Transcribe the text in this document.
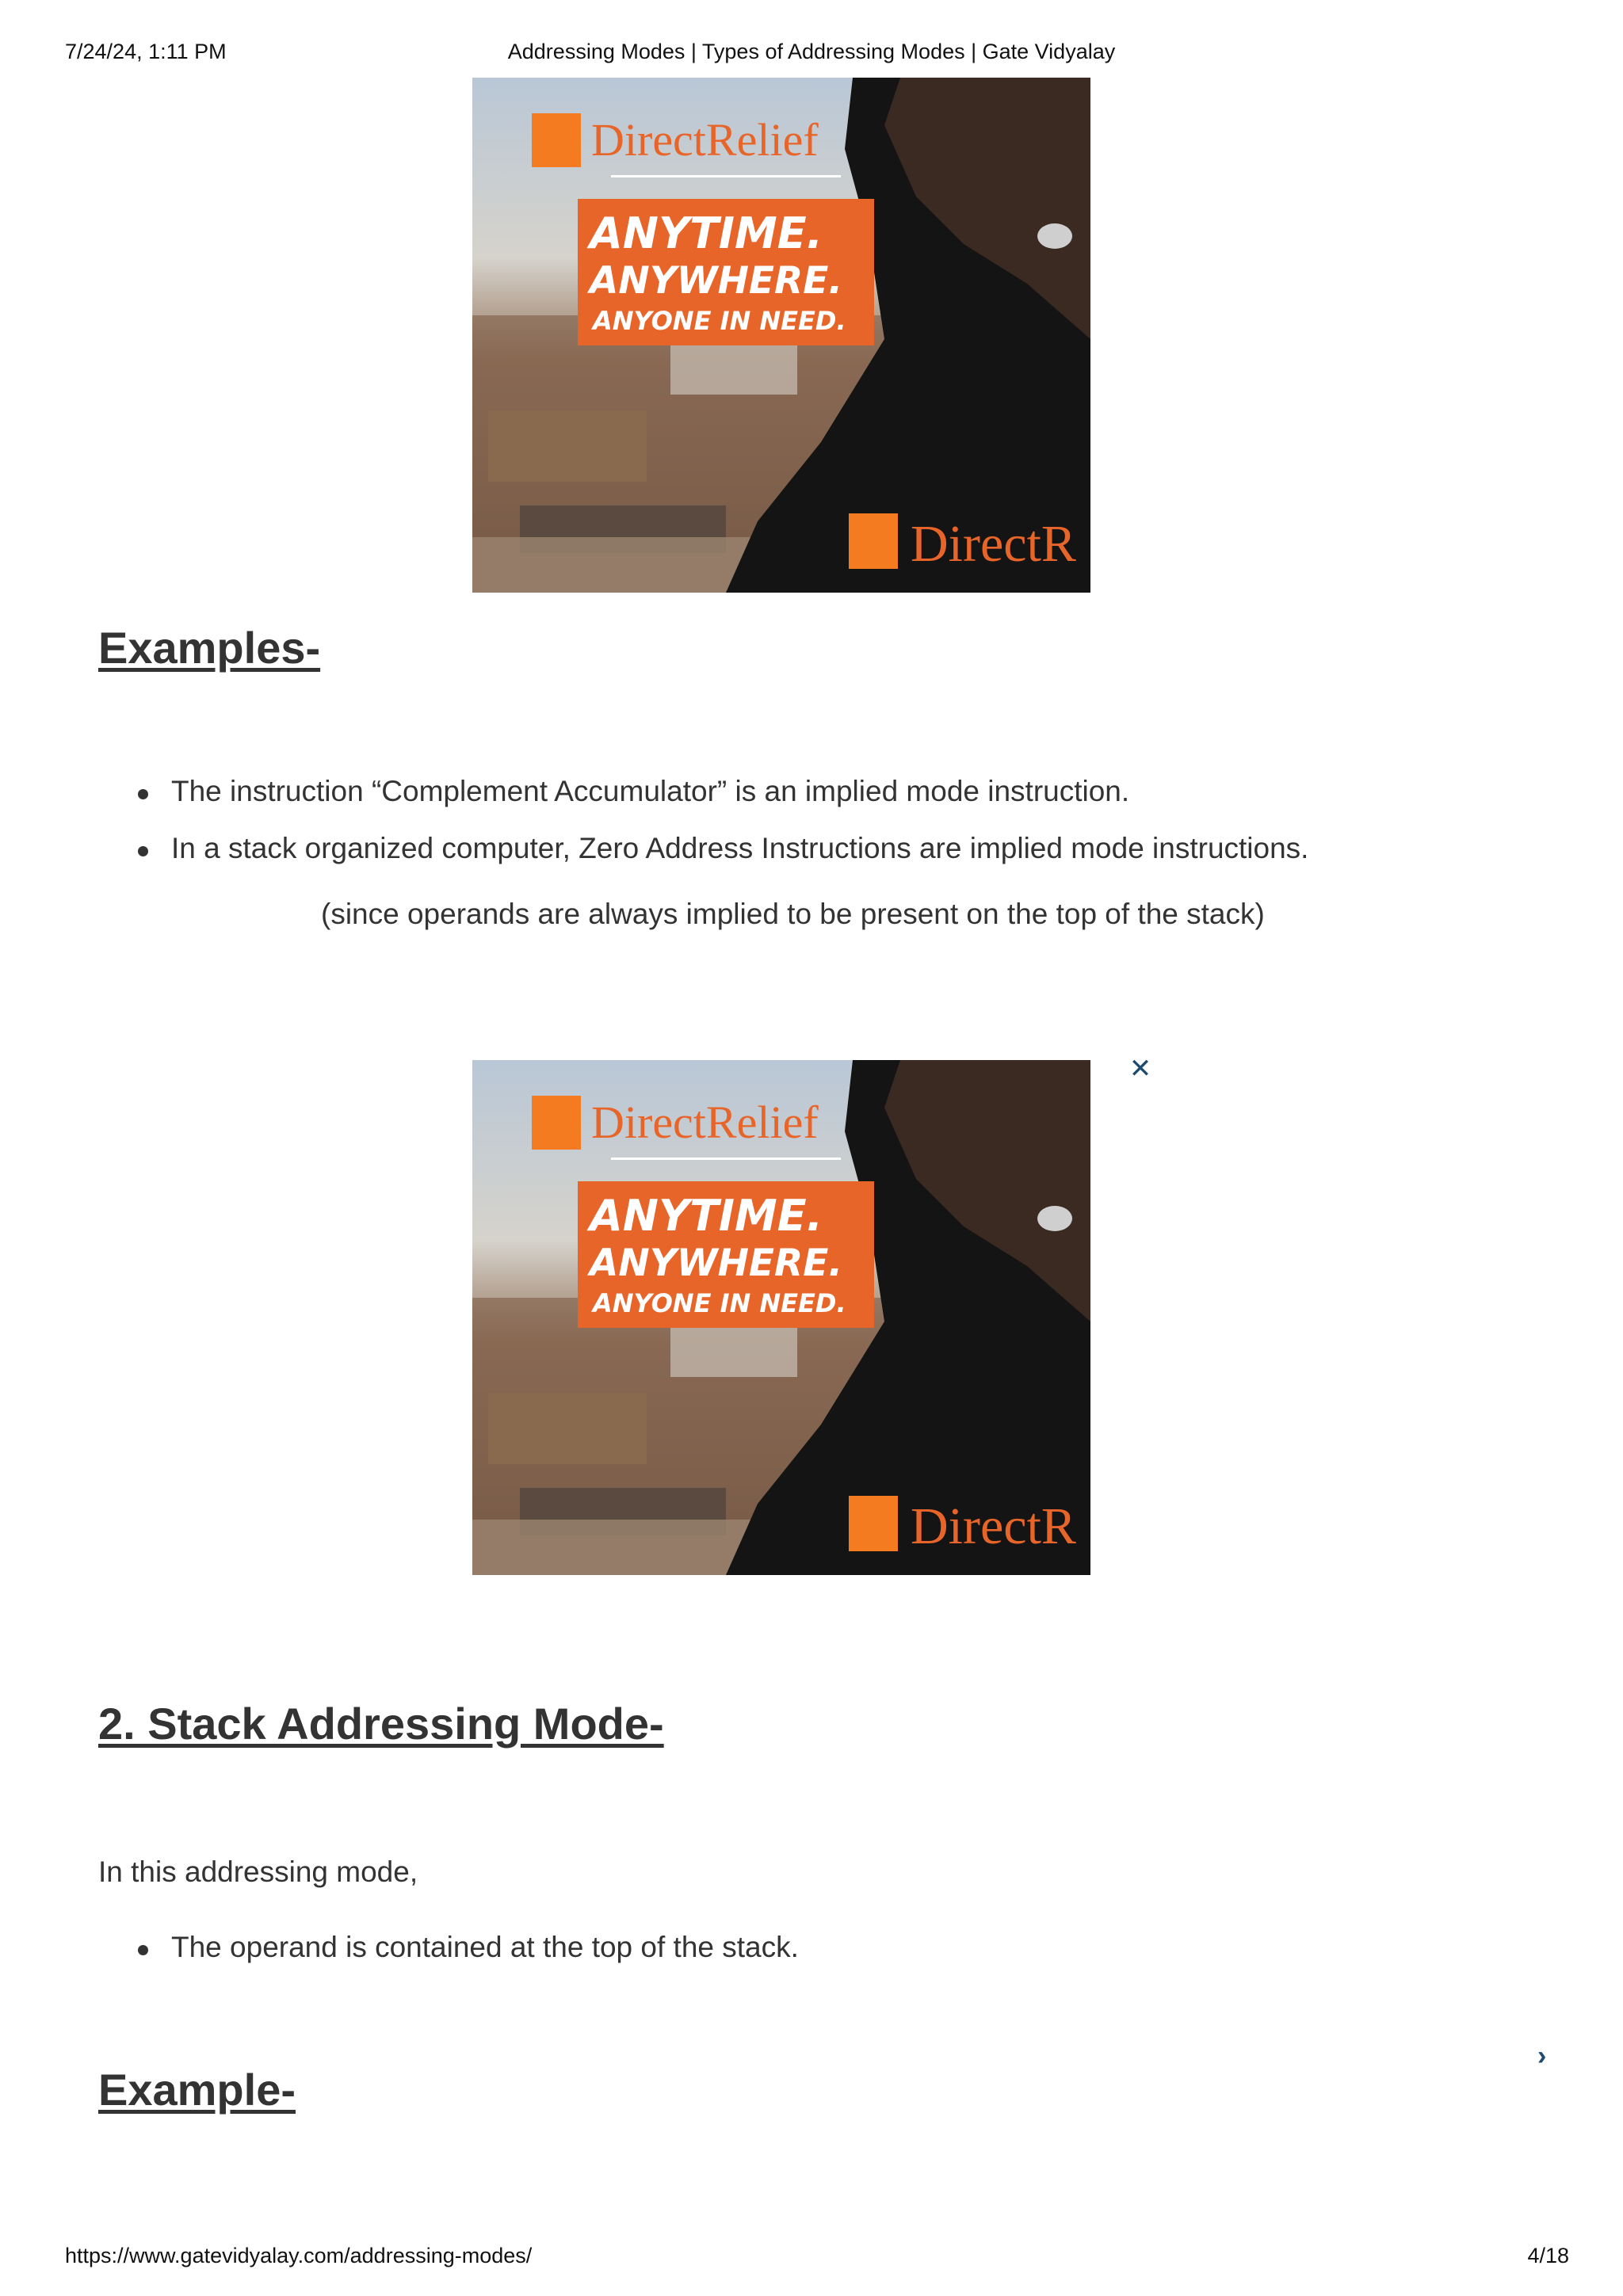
7/24/24, 1:11 PM	Addressing Modes | Types of Addressing Modes | Gate Vidyalay
DirectRelief
ANYTIME.
ANYWHERE.
ANYONE IN NEED.
DirectR
Examples-
The instruction “Complement Accumulator” is an implied mode instruction.
In a stack organized computer, Zero Address Instructions are implied mode instructions.
(since operands are always implied to be present on the top of the stack)
DirectRelief
ANYTIME.
ANYWHERE.
ANYONE IN NEED.
DirectR
✕
2. Stack Addressing Mode-
In this addressing mode,
The operand is contained at the top of the stack.
›
Example-
https://www.gatevidyalay.com/addressing-modes/	4/18
